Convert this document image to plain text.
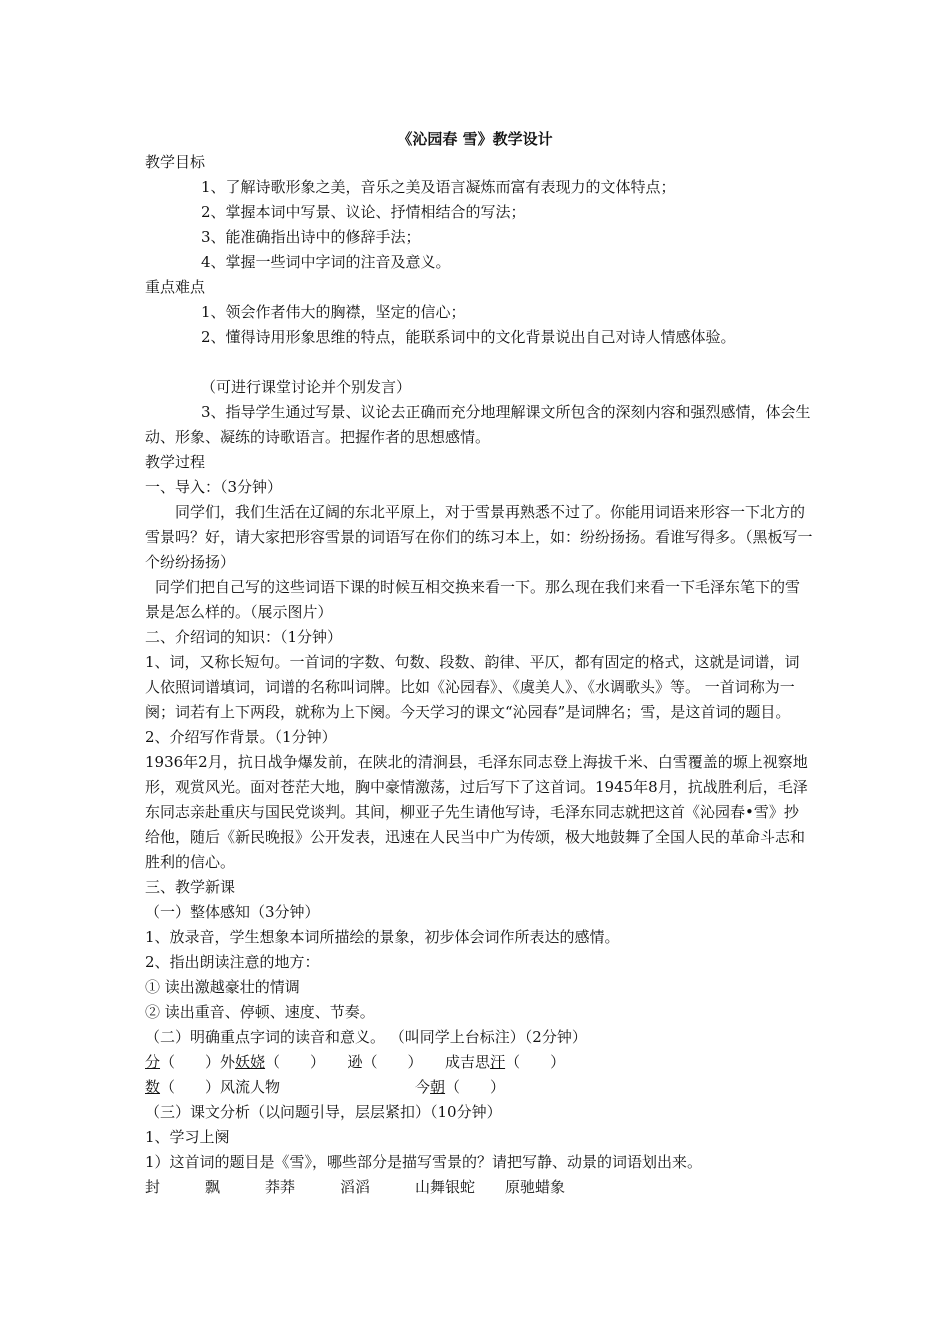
《沁园春 雪》教学设计

教学目标

1、了解诗歌形象之美，音乐之美及语言凝炼而富有表现力的文体特点；

2、掌握本词中写景、议论、抒情相结合的写法；

3、能准确指出诗中的修辞手法；

4、掌握一些词中字词的注音及意义。

重点难点

1、领会作者伟大的胸襟，坚定的信心；

2、懂得诗用形象思维的特点，能联系词中的文化背景说出自己对诗人情感体验。

（可进行课堂讨论并个别发言）

3、指导学生通过写景、议论去正确而充分地理解课文所包含的深刻内容和强烈感情，体会生动、形象、凝练的诗歌语言。把握作者的思想感情。

教学过程

一、导入：（3分钟）

同学们，我们生活在辽阔的东北平原上，对于雪景再熟悉不过了。你能用词语来形容一下北方的雪景吗？好，请大家把形容雪景的词语写在你们的练习本上，如：纷纷扬扬。看谁写得多。（黑板写一个纷纷扬扬）

同学们把自己写的这些词语下课的时候互相交换来看一下。那么现在我们来看一下毛泽东笔下的雪景是怎么样的。（展示图片）

二、介绍词的知识：（1分钟）

1、词，又称长短句。一首词的字数、句数、段数、韵律、平仄，都有固定的格式，这就是词谱，词人依照词谱填词，词谱的名称叫词牌。比如《沁园春》、《虞美人》、《水调歌头》等。 一首词称为一阕；词若有上下两段，就称为上下阕。今天学习的课文“沁园春”是词牌名；雪，是这首词的题目。

2、介绍写作背景。（1分钟）

1936年2月，抗日战争爆发前，在陕北的清涧县，毛泽东同志登上海拔千米、白雪覆盖的塬上视察地形，观赏风光。面对苍茫大地，胸中豪情激荡，过后写下了这首词。1945年8月，抗战胜利后，毛泽东同志亲赴重庆与国民党谈判。其间，柳亚子先生请他写诗，毛泽东同志就把这首《沁园春•雪》抄给他，随后《新民晚报》公开发表，迅速在人民当中广为传颂，极大地鼓舞了全国人民的革命斗志和胜利的信心。

三、教学新课

（一）整体感知（3分钟）

1、放录音，学生想象本词所描绘的景象，初步体会词作所表达的感情。

2、指出朗读注意的地方：

① 读出激越豪壮的情调

② 读出重音、停顿、速度、节奏。

（二）明确重点字词的读音和意义。 （叫同学上台标注）（2分钟）

分（　　）外妖娆（　　）　　逊（　　）　　成吉思汗（　　）

数（　　）风流人物　　　　　　　　　今朝（　　）

（三）课文分析（以问题引导，层层紧扣）（10分钟）

1、学习上阕

1）这首词的题目是《雪》，哪些部分是描写雪景的？请把写静、动景的词语划出来。

封　　　飘　　　莽莽　　　滔滔　　　山舞银蛇　　原驰蜡象
